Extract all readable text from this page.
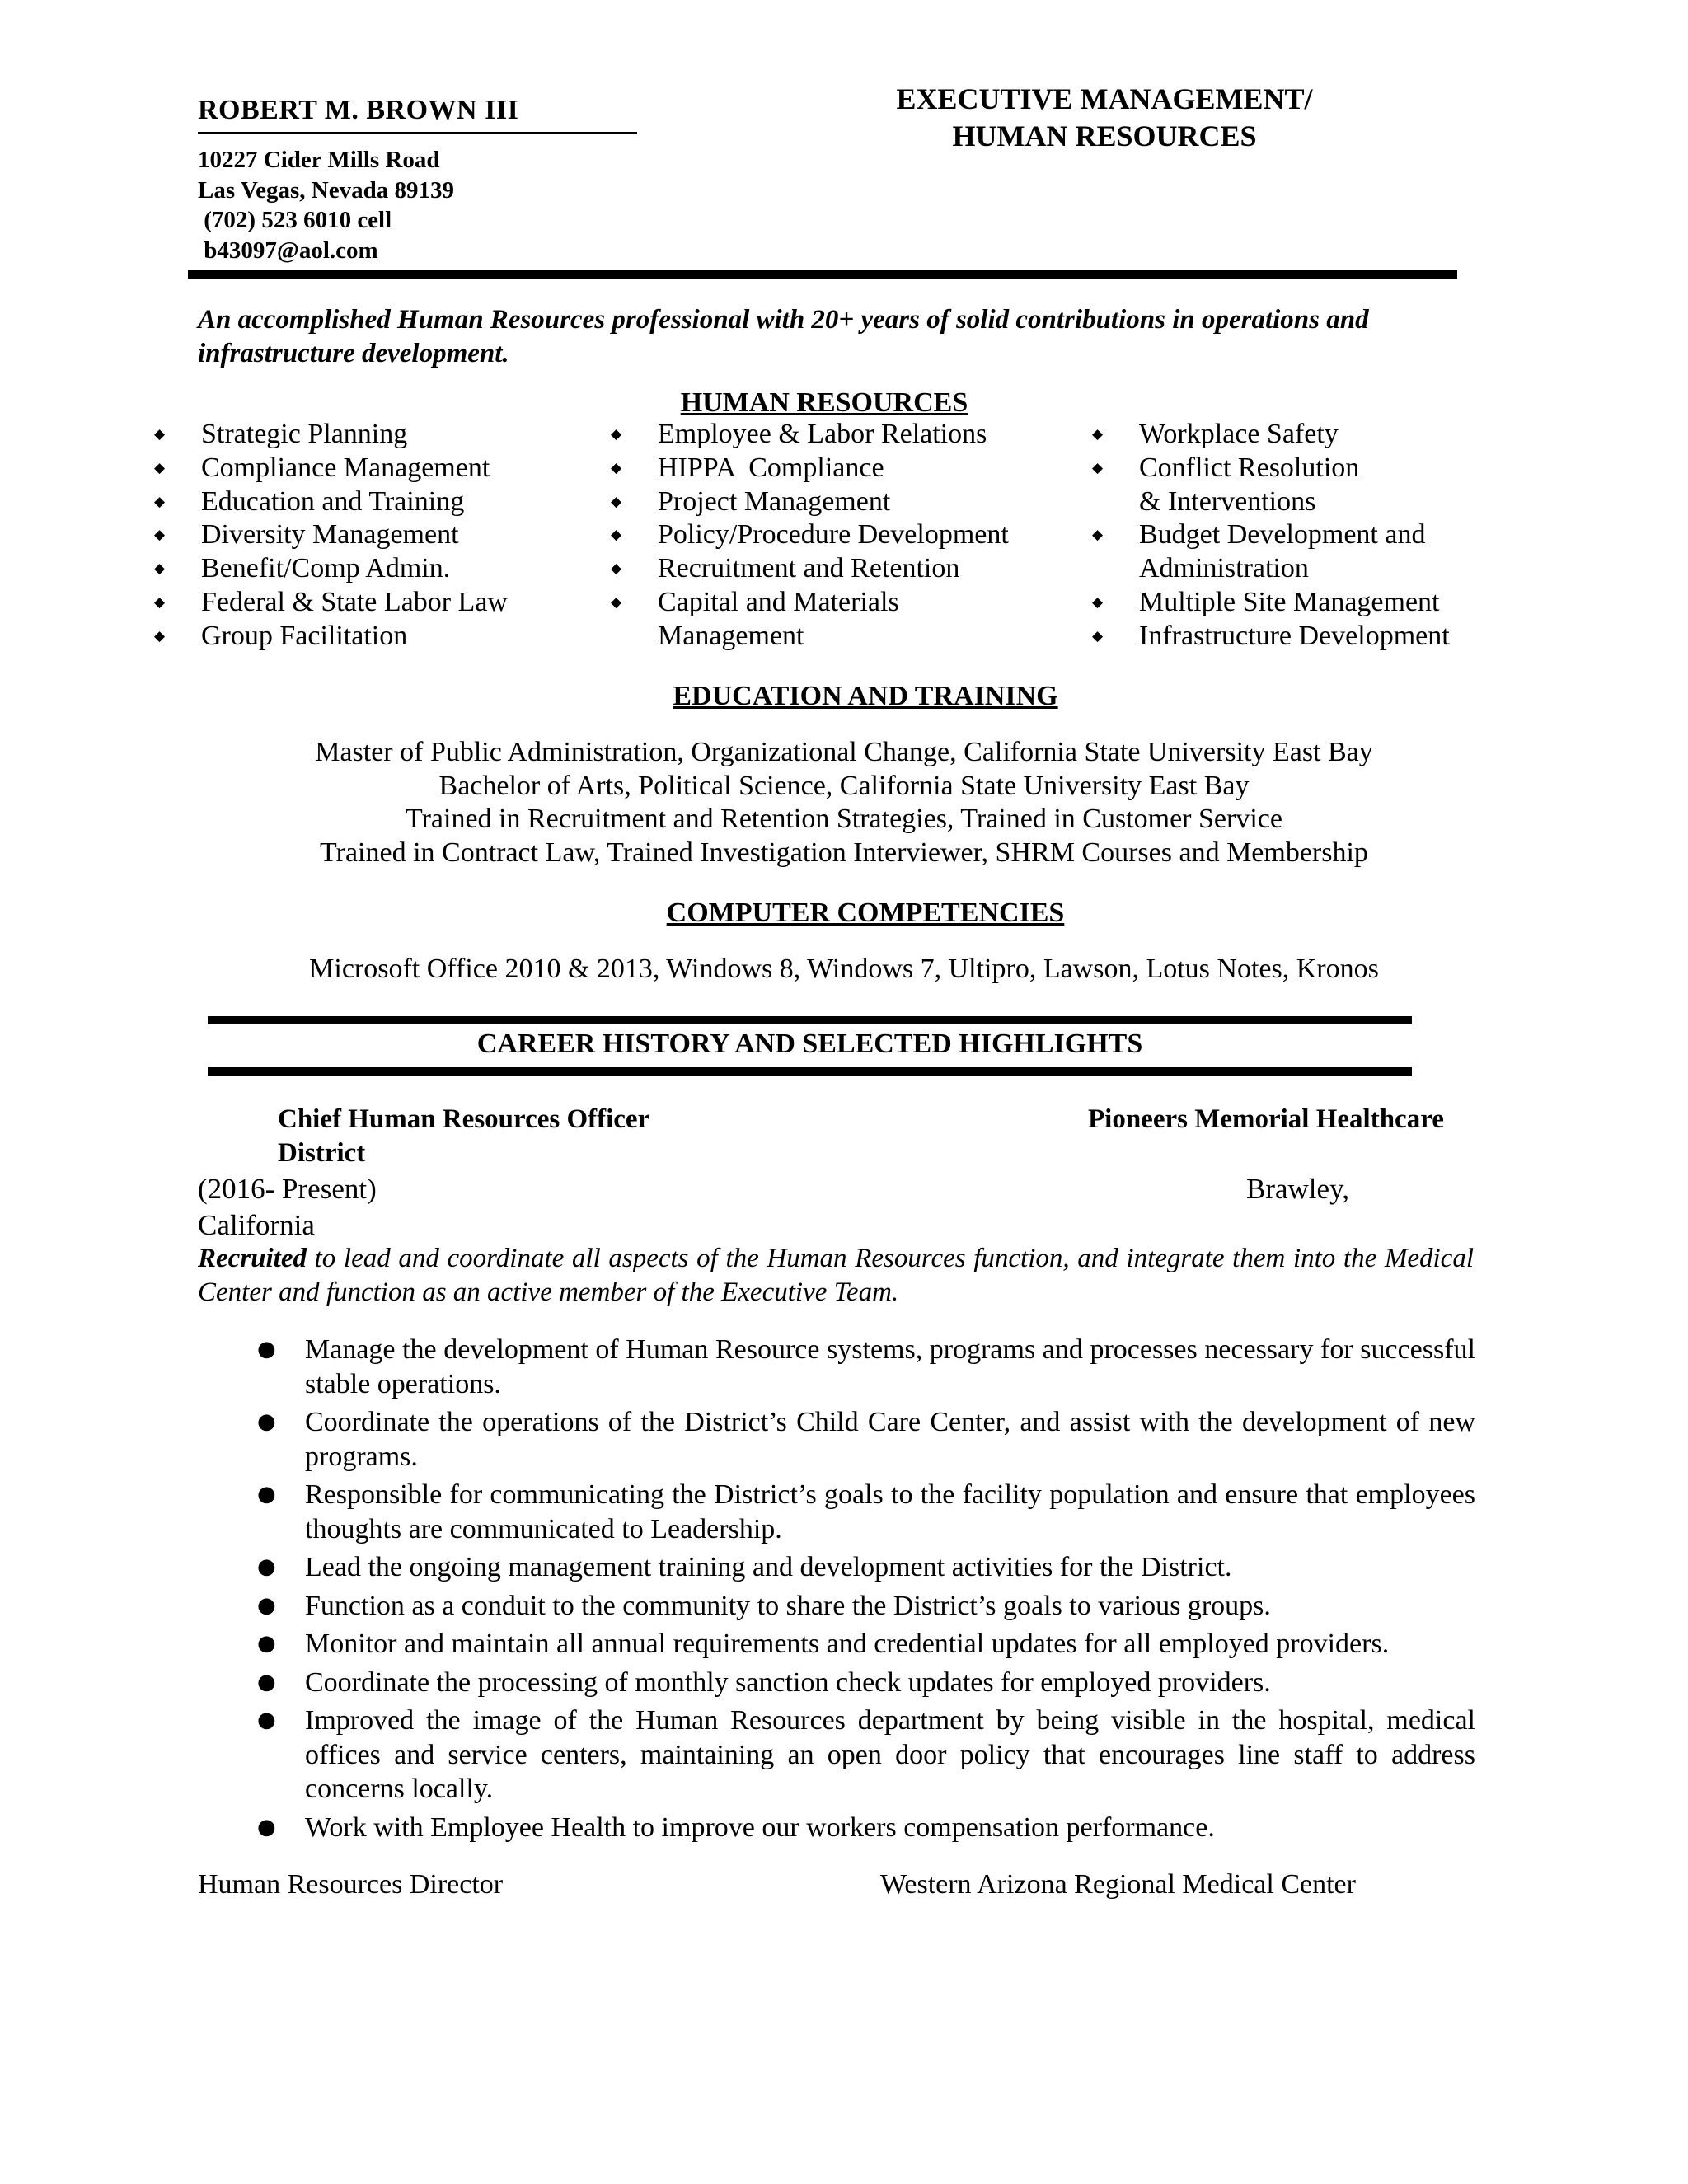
ROBERT M. BROWN III
10227 Cider Mills Road
Las Vegas, Nevada 89139
(702) 523 6010 cell
b43097@aol.com
EXECUTIVE MANAGEMENT/
HUMAN RESOURCES
An accomplished Human Resources professional with 20+ years of solid contributions in operations and infrastructure development.
HUMAN RESOURCES
◆ Strategic Planning
◆ Compliance Management
◆ Education and Training
◆ Diversity Management
◆ Benefit/Comp Admin.
◆ Federal & State Labor Law
◆ Group Facilitation
◆ Employee & Labor Relations
◆ HIPPA  Compliance
◆ Project Management
◆ Policy/Procedure Development
◆ Recruitment and Retention
◆ Capital and Materials Management
◆ Workplace Safety
◆ Conflict Resolution & Interventions
◆ Budget Development and Administration
◆ Multiple Site Management
◆ Infrastructure Development
EDUCATION AND TRAINING
Master of Public Administration, Organizational Change, California State University East Bay
Bachelor of Arts, Political Science, California State University East Bay
Trained in Recruitment and Retention Strategies, Trained in Customer Service
Trained in Contract Law, Trained Investigation Interviewer, SHRM Courses and Membership
COMPUTER COMPETENCIES
Microsoft Office 2010 & 2013, Windows 8, Windows 7, Ultipro, Lawson, Lotus Notes, Kronos
CAREER HISTORY AND SELECTED HIGHLIGHTS
Chief Human Resources Officer	Pioneers Memorial Healthcare
District
(2016- Present)	Brawley,
California
Recruited to lead and coordinate all aspects of the Human Resources function, and integrate them into the Medical Center and function as an active member of the Executive Team.
● Manage the development of Human Resource systems, programs and processes necessary for successful stable operations.
● Coordinate the operations of the District’s Child Care Center, and assist with the development of new programs.
● Responsible for communicating the District’s goals to the facility population and ensure that employees thoughts are communicated to Leadership.
● Lead the ongoing management training and development activities for the District.
● Function as a conduit to the community to share the District’s goals to various groups.
● Monitor and maintain all annual requirements and credential updates for all employed providers.
● Coordinate the processing of monthly sanction check updates for employed providers.
● Improved the image of the Human Resources department by being visible in the hospital, medical offices and service centers, maintaining an open door policy that encourages line staff to address concerns locally.
● Work with Employee Health to improve our workers compensation performance.
Human Resources Director	Western Arizona Regional Medical Center
